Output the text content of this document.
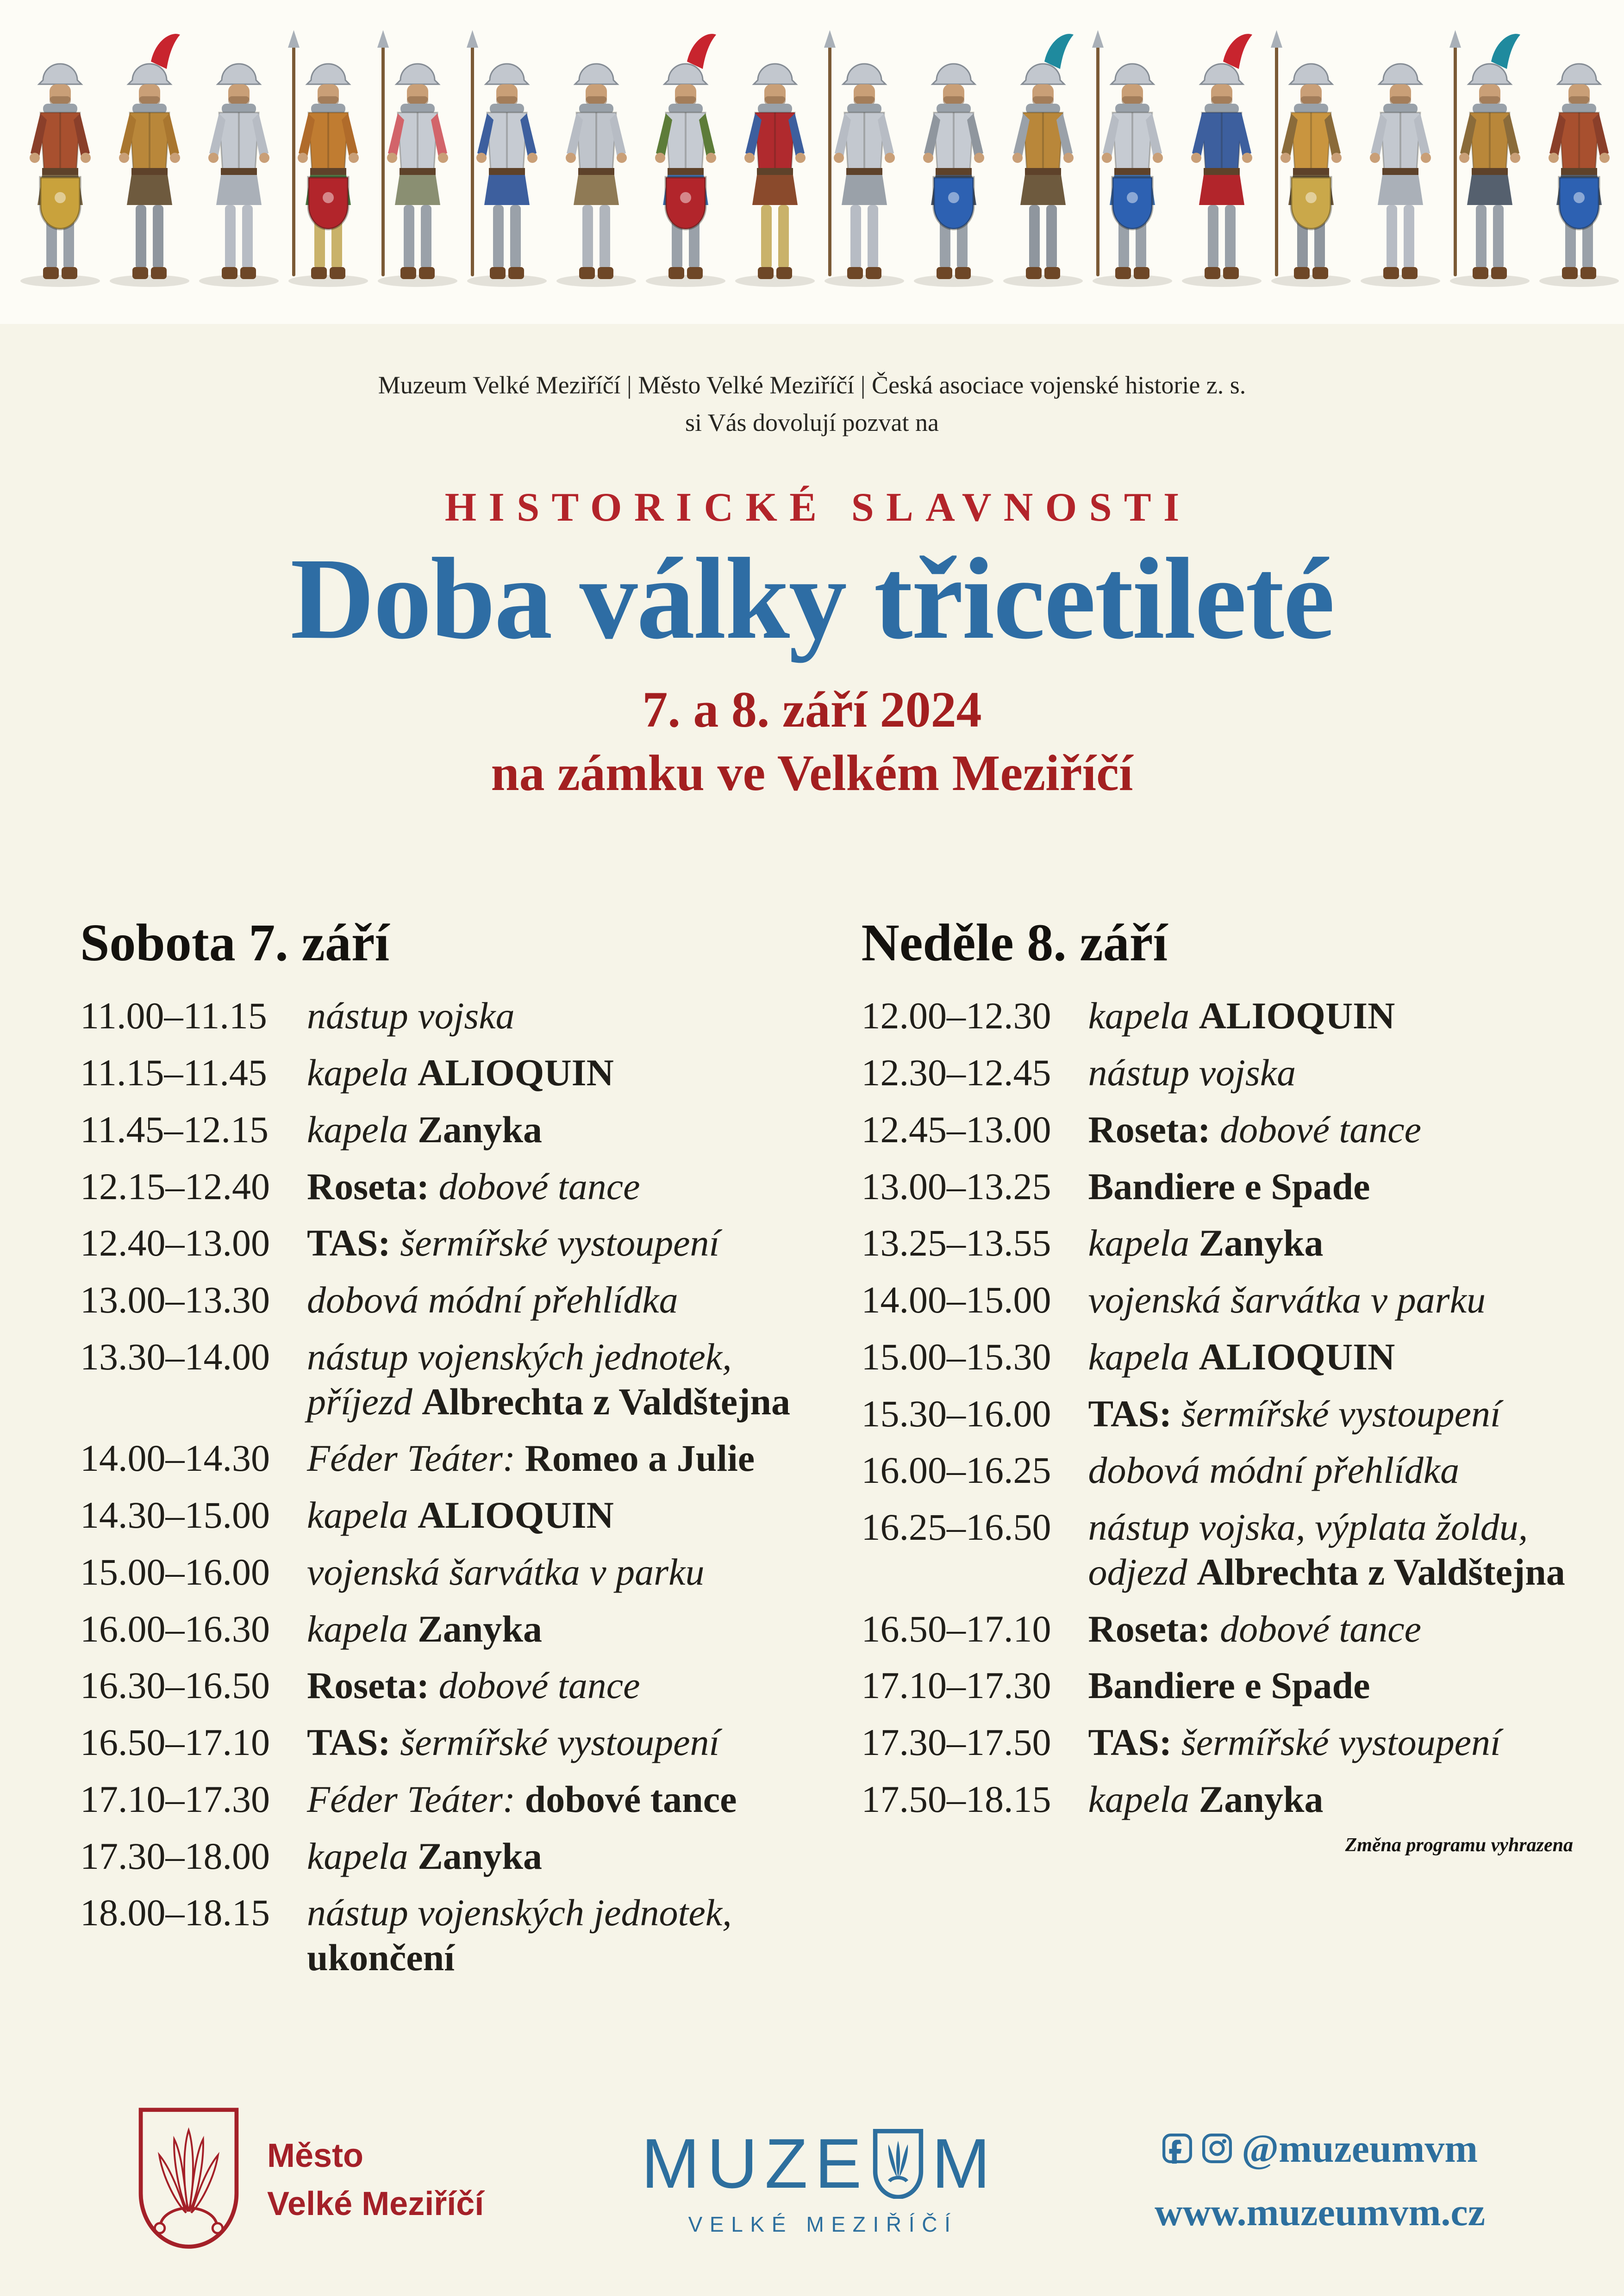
Muzeum Velké Meziříčí | Město Velké Meziříčí | Česká asociace vojenské historie z. s.
si Vás dovolují pozvat na
HISTORICKÉ SLAVNOSTI
Doba války třicetileté
7. a 8. září 2024
na zámku ve Velkém Meziříčí
Sobota 7. září
11.00–11.15	nástup vojska
11.15–11.45	kapela ALIOQUIN
11.45–12.15	kapela Zanyka
12.15–12.40 Roseta: dobové tance
12.40–13.00 TAS: šermířské vystoupení
13.00–13.30 dobová módní přehlídka
13.30–14.00 nástup vojenských jednotek, příjezd Albrechta z Valdštejna
14.00–14.30 Féder Teáter: Romeo a Julie
14.30–15.00 kapela ALIOQUIN
15.00–16.00 vojenská šarvátka v parku
16.00–16.30 kapela Zanyka
16.30–16.50 Roseta: dobové tance
16.50–17.10 TAS: šermířské vystoupení
17.10–17.30 Féder Teáter: dobové tance
17.30–18.00 kapela Zanyka
18.00–18.15 nástup vojenských jednotek, ukončení
Neděle 8. září
12.00–12.30 kapela ALIOQUIN
12.30–12.45 nástup vojska
12.45–13.00 Roseta: dobové tance
13.00–13.25 Bandiere e Spade
13.25–13.55 kapela Zanyka
14.00–15.00 vojenská šarvátka v parku
15.00–15.30 kapela ALIOQUIN
15.30–16.00 TAS: šermířské vystoupení
16.00–16.25 dobová módní přehlídka
16.25–16.50 nástup vojska, výplata žoldu, odjezd Albrechta z Valdštejna
16.50–17.10 Roseta: dobové tance
17.10–17.30 Bandiere e Spade
17.30–17.50 TAS: šermířské vystoupení
17.50–18.15 kapela Zanyka
Změna programu vyhrazena
Město
Velké Meziříčí
MUZE M
VELKÉ MEZIŘÍČÍ
@muzeumvm
www.muzeumvm.cz
